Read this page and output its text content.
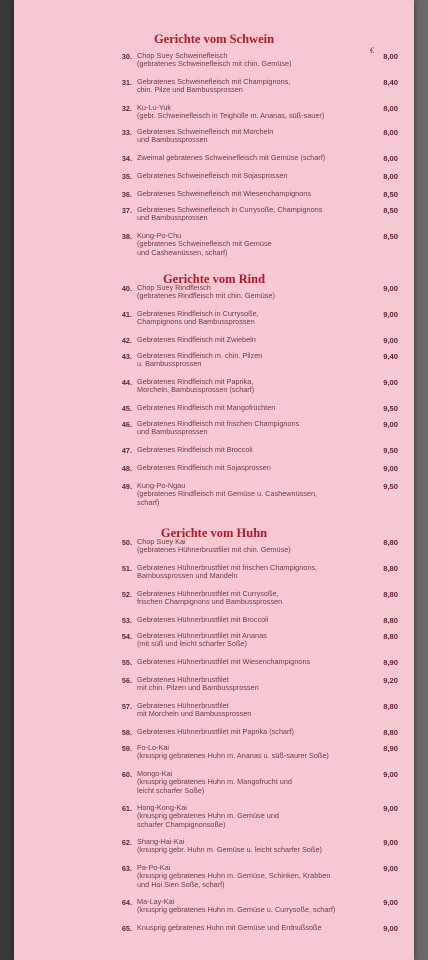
Gerichte vom Schwein
€
30. Chop Suey Schweinefleisch
(gebratenes Schweinefleisch mit chin. Gemüse)
8,00
31. Gebratenes Schweinefleisch mit Champignons,
chin. Pilze und Bambussprossen
8,40
32. Ku-Lu-Yuk
(gebr. Schweinefleisch in Teighülle m. Ananas, süß-sauer)
8,00
33. Gebratenes Schweinefleisch mit Morcheln
und Bambussprossen
8,00
34. Zweimal gebratenes Schweinefleisch mit Gemüse (scharf)	8,00
35. Gebratenes Schweinefleisch mit Sojasprossen	8,00
36. Gebratenes Schweinefleisch mit Wiesenchampignons	8,50
37. Gebratenes Schweinefleisch in Currysoße, Champignons
und Bambussprossen
8,50
38. Kung-Po-Chu
(gebratenes Schweinefleisch mit Gemüse
und Cashewnüssen, scharf)
8,50
Gerichte vom Rind
40. Chop Suey Rindfleisch
(gebratenes Rindfleisch mit chin. Gemüse)
9,00
41. Gebratenes Rindfleisch in Currysoße,
Champignons und Bambussprossen
9,00
42. Gebratenes Rindfleisch mit Zwiebeln	9,00
43. Gebratenes Rindfleisch m. chin. Pilzen
u. Bambussprossen
9,40
44. Gebratenes Rindfleisch mit Paprika,
Morcheln, Bambussprossen (scharf)
9,00
45. Gebratenes Rindfleisch mit Mangofrüchten	9,50
46. Gebratenes Rindfleisch mit frischen Champignons
und Bambussprossen
9,00
47. Gebratenes Rindfleisch mit Broccoli	9,50
48. Gebratenes Rindfleisch mit Sojasprossen	9,00
49. Kung-Po-Ngau
(gebratenes Rindfleisch mit Gemüse u. Cashewnüssen,
scharf)
9,50
Gerichte vom Huhn
50. Chop Suey Kai
(gebratenes Hühnerbrustfilet mit chin. Gemüse)
8,80
51. Gebratenes Hühnerbrustfilet mit frischen Champignons,
Bambussprossen und Mandeln
8,80
52. Gebratenes Hühnerbrustfilet mit Currysoße,
frischen Champignons und Bambussprossen
8,80
53. Gebratenes Hühnerbrustfilet mit Broccoli	8,80
54. Gebratenes Hühnerbrustfilet mit Ananas
(mit süß und leicht scharfer Soße)
8,80
55. Gebratenes Hühnerbrustfilet mit Wiesenchampignons	8,90
56. Gebratenes Hühnerbrustfilet
mit chin. Pilzen und Bambussprossen
9,20
57. Gebratenes Hühnerbrustfilet
mit Morcheln und Bambussprossen
8,80
58. Gebratenes Hühnerbrustfilet mit Paprika (scharf)	8,80
59. Fo-Lo-Kai
(knusprig gebratenes Huhn m. Ananas u. süß-saurer Soße)
8,90
60. Mongo-Kai
(knusprig gebratenes Huhn m. Mangofrucht und
leicht scharfer Soße)
9,00
61. Hong-Kong-Kai
(knusprig gebratenes Huhn m. Gemüse und
scharfer Champignonsoße)
9,00
62. Shang-Hai-Kai
(knusprig gebr. Huhn m. Gemüse u. leicht scharfer Soße)
9,00
63. Pa-Po-Kai
(knusprig gebratenes Huhn m. Gemüse, Schinken, Krabben
und Hoi Sien Soße, scharf)
9,00
64. Ma-Lay-Kai
(knusprig gebratenes Huhn m. Gemüse u. Currysoße, scharf)
9,00
65. Knusprig gebratenes Huhn mit Gemüse und Erdnußsoße	9,00
